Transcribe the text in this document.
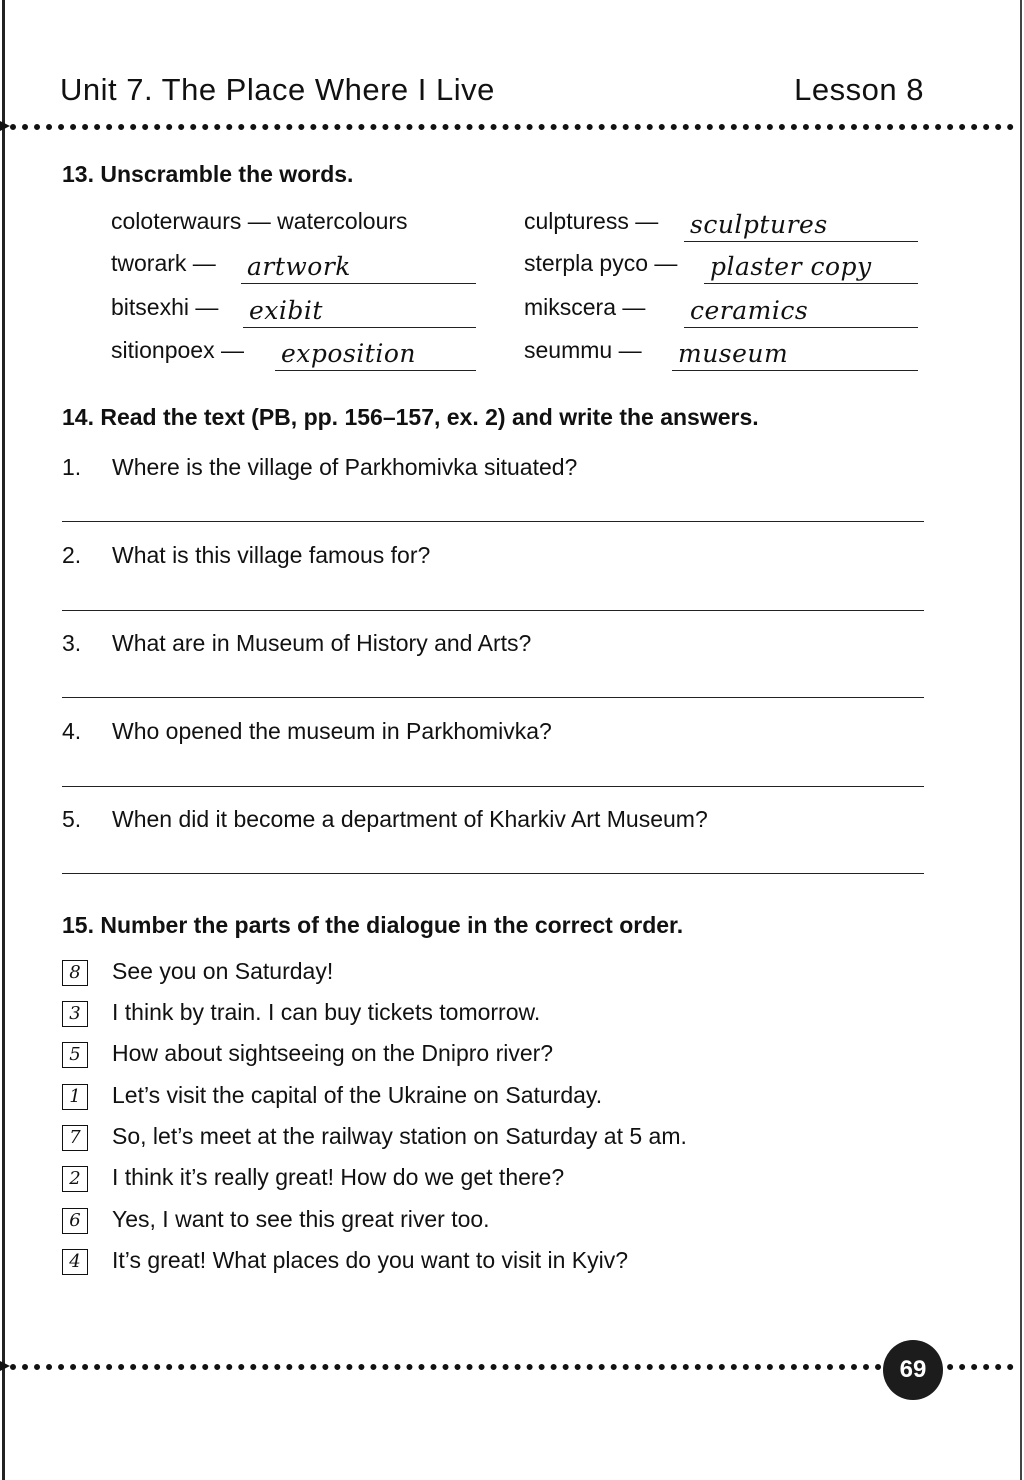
Unit 7. The Place Where I Live	Lesson 8
13. Unscramble the words.
coloterwaurs — watercolours
tworark — artwork
bitsexhi — exibit
sitionpoex — exposition
culpturess — sculptures
sterpla pyco — plaster copy
mikscera — ceramics
seummu — museum
14. Read the text (PB, pp. 156–157, ex. 2) and write the answers.
1. Where is the village of Parkhomivka situated?
2. What is this village famous for?
3. What are in Museum of History and Arts?
4. Who opened the museum in Parkhomivka?
5. When did it become a department of Kharkiv Art Museum?
15. Number the parts of the dialogue in the correct order.
8	See you on Saturday!
3	I think by train. I can buy tickets tomorrow.
5	How about sightseeing on the Dnipro river?
1	Let’s visit the capital of the Ukraine on Saturday.
7	So, let’s meet at the railway station on Saturday at 5 am.
2	I think it’s really great! How do we get there?
6	Yes, I want to see this great river too.
4	It’s great! What places do you want to visit in Kyiv?
69
